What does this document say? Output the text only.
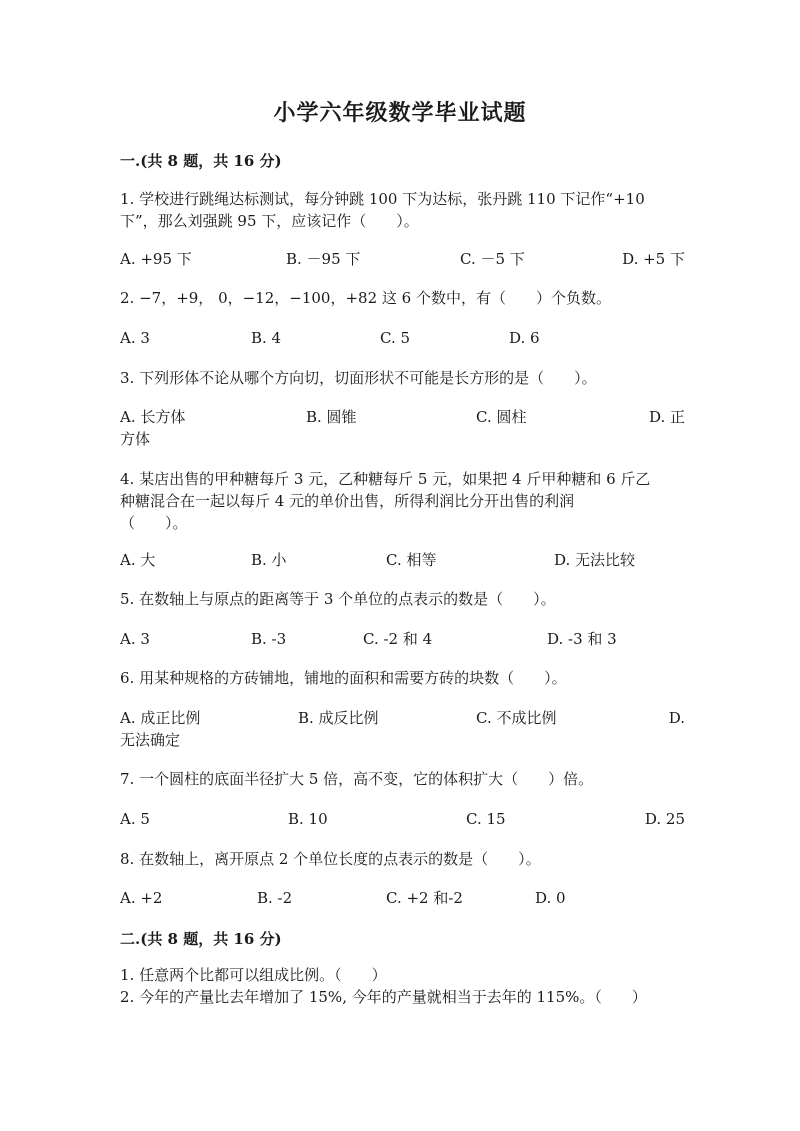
小学六年级数学毕业试题
一.(共 8 题，共 16 分)
1. 学校进行跳绳达标测试，每分钟跳 100 下为达标，张丹跳 110 下记作“+10
下”，那么刘强跳 95 下，应该记作（　　）。
A. +95 下	B. －95 下	C. －5 下	D. +5 下
2. −7，+9， 0，−12，−100，+82 这 6 个数中，有（　　）个负数。
A. 3	B. 4	C. 5	D. 6
3. 下列形体不论从哪个方向切，切面形状不可能是长方形的是（　　）。
A. 长方体	B. 圆锥	C. 圆柱	D. 正
方体
4. 某店出售的甲种糖每斤 3 元，乙种糖每斤 5 元，如果把 4 斤甲种糖和 6 斤乙
种糖混合在一起以每斤 4 元的单价出售，所得利润比分开出售的利润
（　　）。
A. 大	B. 小	C. 相等	D. 无法比较
5. 在数轴上与原点的距离等于 3 个单位的点表示的数是（　　）。
A. 3	B. -3	C. -2 和 4	D. -3 和 3
6. 用某种规格的方砖铺地，铺地的面积和需要方砖的块数（　　）。
A. 成正比例	B. 成反比例	C. 不成比例	D.
无法确定
7. 一个圆柱的底面半径扩大 5 倍，高不变，它的体积扩大（　　）倍。
A. 5	B. 10	C. 15	D. 25
8. 在数轴上，离开原点 2 个单位长度的点表示的数是（　　）。
A. +2	B. -2	C. +2 和-2	D. 0
二.(共 8 题，共 16 分)
1. 任意两个比都可以组成比例。（　　）
2. 今年的产量比去年增加了 15%, 今年的产量就相当于去年的 115%。（　　）
